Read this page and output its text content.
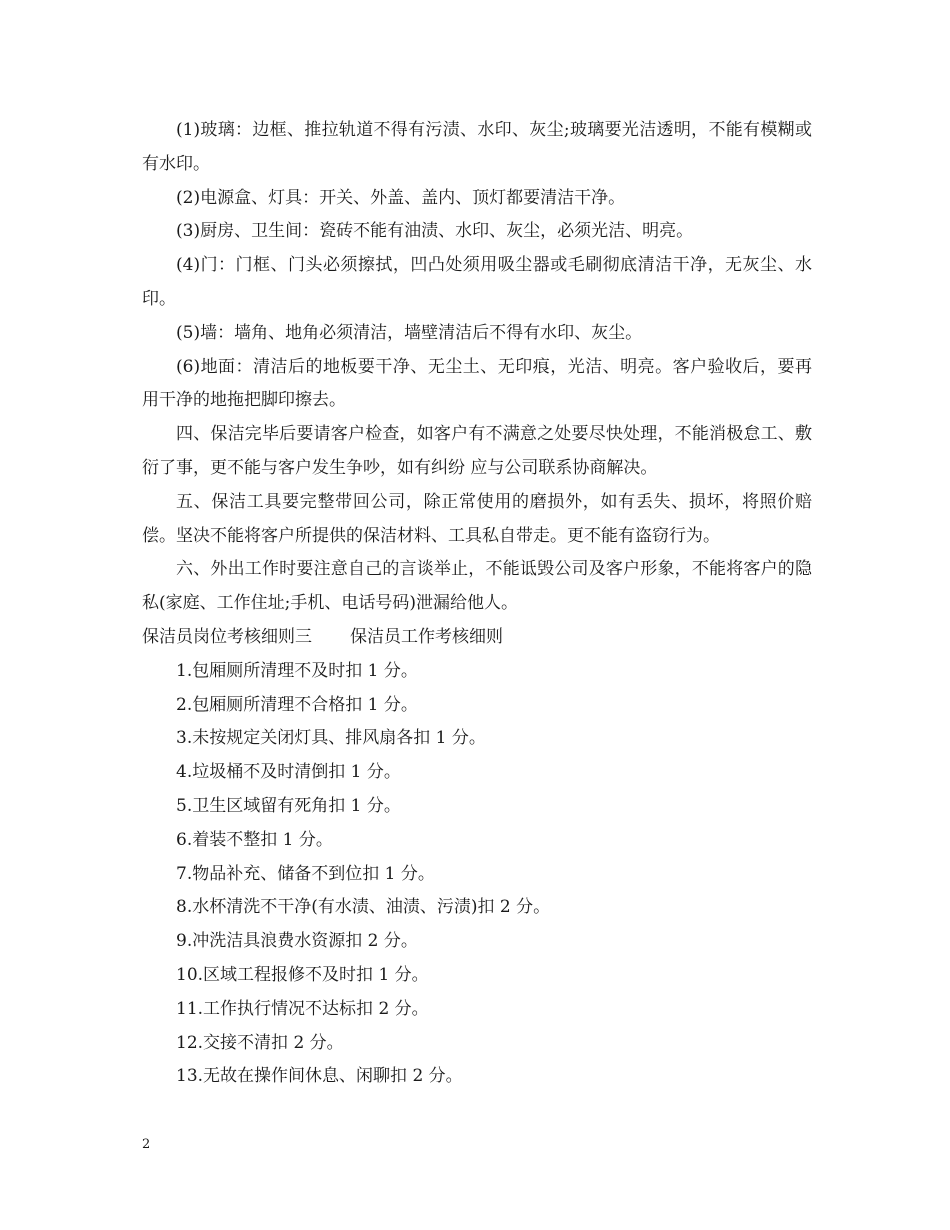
(1)玻璃：边框、推拉轨道不得有污渍、水印、灰尘;玻璃要光洁透明，不能有模糊或有水印。

(2)电源盒、灯具：开关、外盖、盖内、顶灯都要清洁干净。

(3)厨房、卫生间：瓷砖不能有油渍、水印、灰尘，必须光洁、明亮。

(4)门：门框、门头必须擦拭，凹凸处须用吸尘器或毛刷彻底清洁干净，无灰尘、水印。

(5)墙：墙角、地角必须清洁，墙壁清洁后不得有水印、灰尘。

(6)地面：清洁后的地板要干净、无尘土、无印痕，光洁、明亮。客户验收后，要再用干净的地拖把脚印擦去。

四、保洁完毕后要请客户检查，如客户有不满意之处要尽快处理，不能消极怠工、敷衍了事，更不能与客户发生争吵，如有纠纷 应与公司联系协商解决。

五、保洁工具要完整带回公司，除正常使用的磨损外，如有丢失、损坏，将照价赔偿。坚决不能将客户所提供的保洁材料、工具私自带走。更不能有盗窃行为。

六、外出工作时要注意自己的言谈举止，不能诋毁公司及客户形象，不能将客户的隐私(家庭、工作住址;手机、电话号码)泄漏给他人。

保洁员岗位考核细则三 保洁员工作考核细则

1.包厢厕所清理不及时扣 1 分。

2.包厢厕所清理不合格扣 1 分。

3.未按规定关闭灯具、排风扇各扣 1 分。

4.垃圾桶不及时清倒扣 1 分。

5.卫生区域留有死角扣 1 分。

6.着装不整扣 1 分。

7.物品补充、储备不到位扣 1 分。

8.水杯清洗不干净(有水渍、油渍、污渍)扣 2 分。

9.冲洗洁具浪费水资源扣 2 分。

10.区域工程报修不及时扣 1 分。

11.工作执行情况不达标扣 2 分。

12.交接不清扣 2 分。

13.无故在操作间休息、闲聊扣 2 分。

2
